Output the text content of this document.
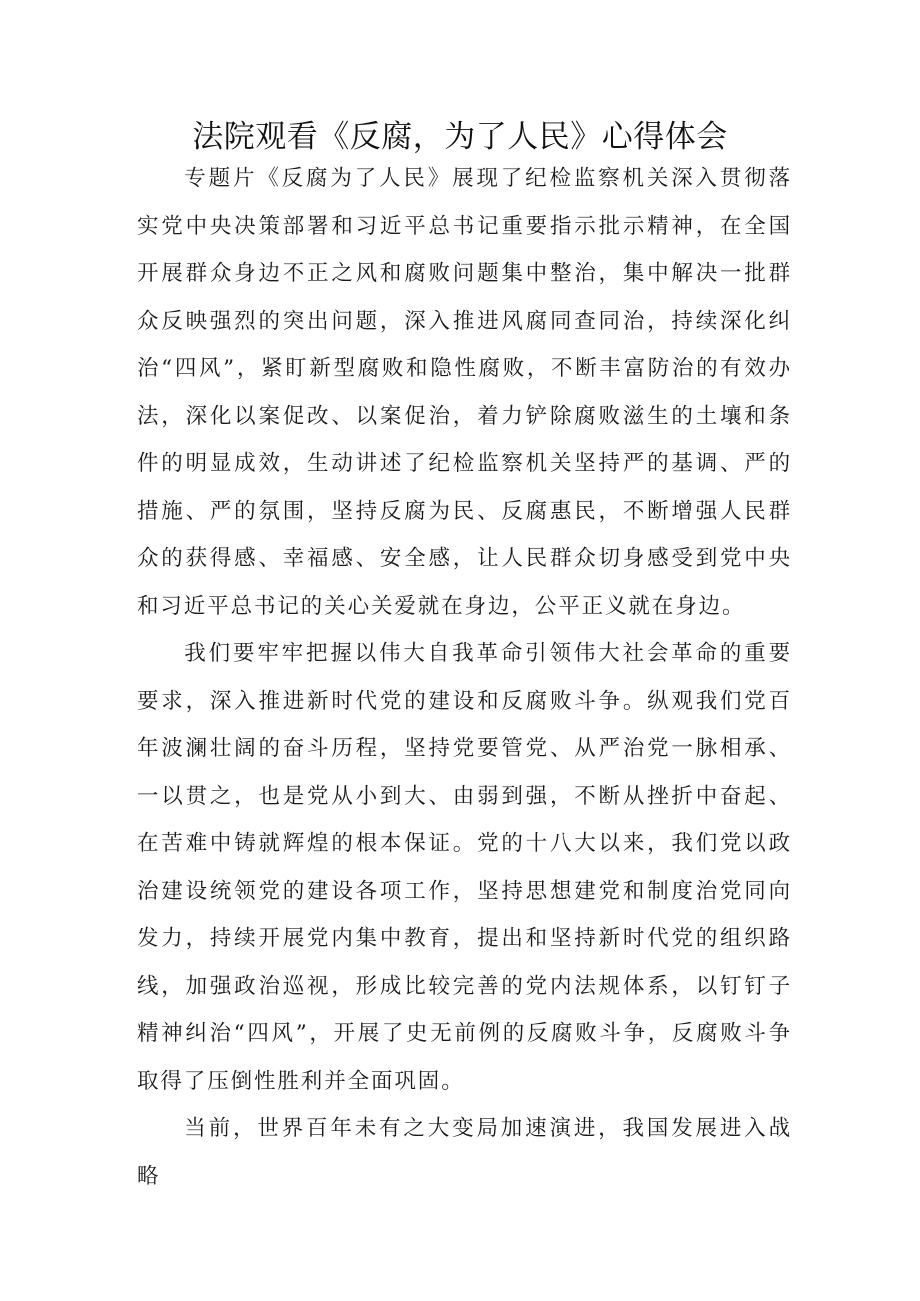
法院观看《反腐，为了人民》心得体会

专题片《反腐为了人民》展现了纪检监察机关深入贯彻落实党中央决策部署和习近平总书记重要指示批示精神，在全国开展群众身边不正之风和腐败问题集中整治，集中解决一批群众反映强烈的突出问题，深入推进风腐同查同治，持续深化纠治“四风”，紧盯新型腐败和隐性腐败，不断丰富防治的有效办法，深化以案促改、以案促治，着力铲除腐败滋生的土壤和条件的明显成效，生动讲述了纪检监察机关坚持严的基调、严的措施、严的氛围，坚持反腐为民、反腐惠民，不断增强人民群众的获得感、幸福感、安全感，让人民群众切身感受到党中央和习近平总书记的关心关爱就在身边，公平正义就在身边。

我们要牢牢把握以伟大自我革命引领伟大社会革命的重要要求，深入推进新时代党的建设和反腐败斗争。纵观我们党百年波澜壮阔的奋斗历程，坚持党要管党、从严治党一脉相承、一以贯之，也是党从小到大、由弱到强，不断从挫折中奋起、在苦难中铸就辉煌的根本保证。党的十八大以来，我们党以政治建设统领党的建设各项工作，坚持思想建党和制度治党同向发力，持续开展党内集中教育，提出和坚持新时代党的组织路线，加强政治巡视，形成比较完善的党内法规体系，以钉钉子精神纠治“四风”，开展了史无前例的反腐败斗争，反腐败斗争取得了压倒性胜利并全面巩固。

当前，世界百年未有之大变局加速演进，我国发展进入战略
